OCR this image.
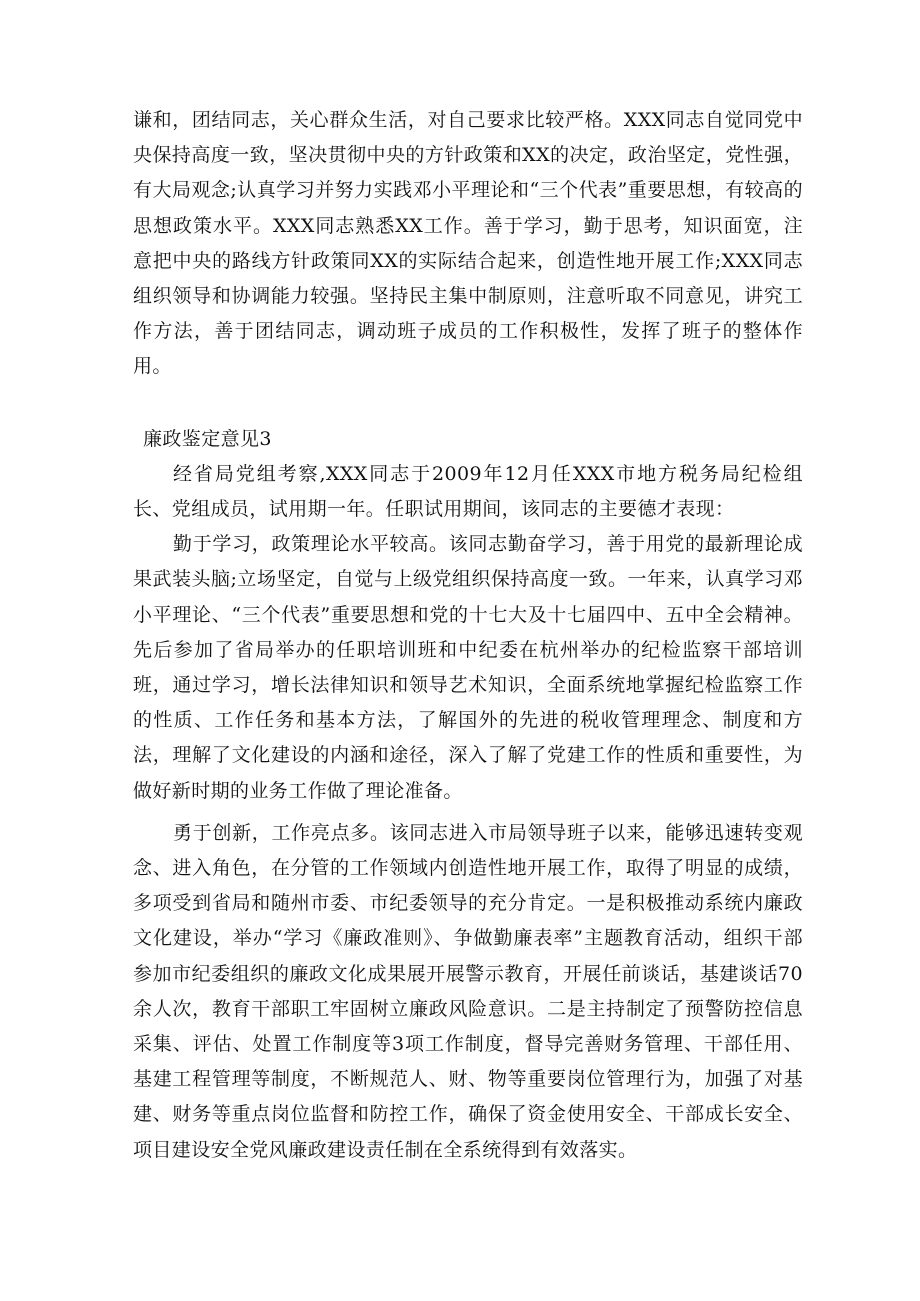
谦和，团结同志，关心群众生活，对自己要求比较严格。XXX同志自觉同党中央保持高度一致，坚决贯彻中央的方针政策和XX的决定，政治坚定，党性强，有大局观念;认真学习并努力实践邓小平理论和“三个代表”重要思想，有较高的思想政策水平。XXX同志熟悉XX工作。善于学习，勤于思考，知识面宽，注意把中央的路线方针政策同XX的实际结合起来，创造性地开展工作;XXX同志组织领导和协调能力较强。坚持民主集中制原则，注意听取不同意见，讲究工作方法，善于团结同志，调动班子成员的工作积极性，发挥了班子的整体作用。

廉政鉴定意见3

经省局党组考察,XXX同志于2009年12月任XXX市地方税务局纪检组长、党组成员，试用期一年。任职试用期间，该同志的主要德才表现：

勤于学习，政策理论水平较高。该同志勤奋学习，善于用党的最新理论成果武装头脑;立场坚定，自觉与上级党组织保持高度一致。一年来，认真学习邓小平理论、“三个代表”重要思想和党的十七大及十七届四中、五中全会精神。先后参加了省局举办的任职培训班和中纪委在杭州举办的纪检监察干部培训班，通过学习，增长法律知识和领导艺术知识，全面系统地掌握纪检监察工作的性质、工作任务和基本方法，了解国外的先进的税收管理理念、制度和方法，理解了文化建设的内涵和途径，深入了解了党建工作的性质和重要性，为做好新时期的业务工作做了理论准备。

勇于创新，工作亮点多。该同志进入市局领导班子以来，能够迅速转变观念、进入角色，在分管的工作领域内创造性地开展工作，取得了明显的成绩，多项受到省局和随州市委、市纪委领导的充分肯定。一是积极推动系统内廉政文化建设，举办“学习《廉政准则》、争做勤廉表率”主题教育活动，组织干部参加市纪委组织的廉政文化成果展开展警示教育，开展任前谈话，基建谈话70余人次，教育干部职工牢固树立廉政风险意识。二是主持制定了预警防控信息采集、评估、处置工作制度等3项工作制度，督导完善财务管理、干部任用、基建工程管理等制度，不断规范人、财、物等重要岗位管理行为，加强了对基建、财务等重点岗位监督和防控工作，确保了资金使用安全、干部成长安全、项目建设安全党风廉政建设责任制在全系统得到有效落实。
